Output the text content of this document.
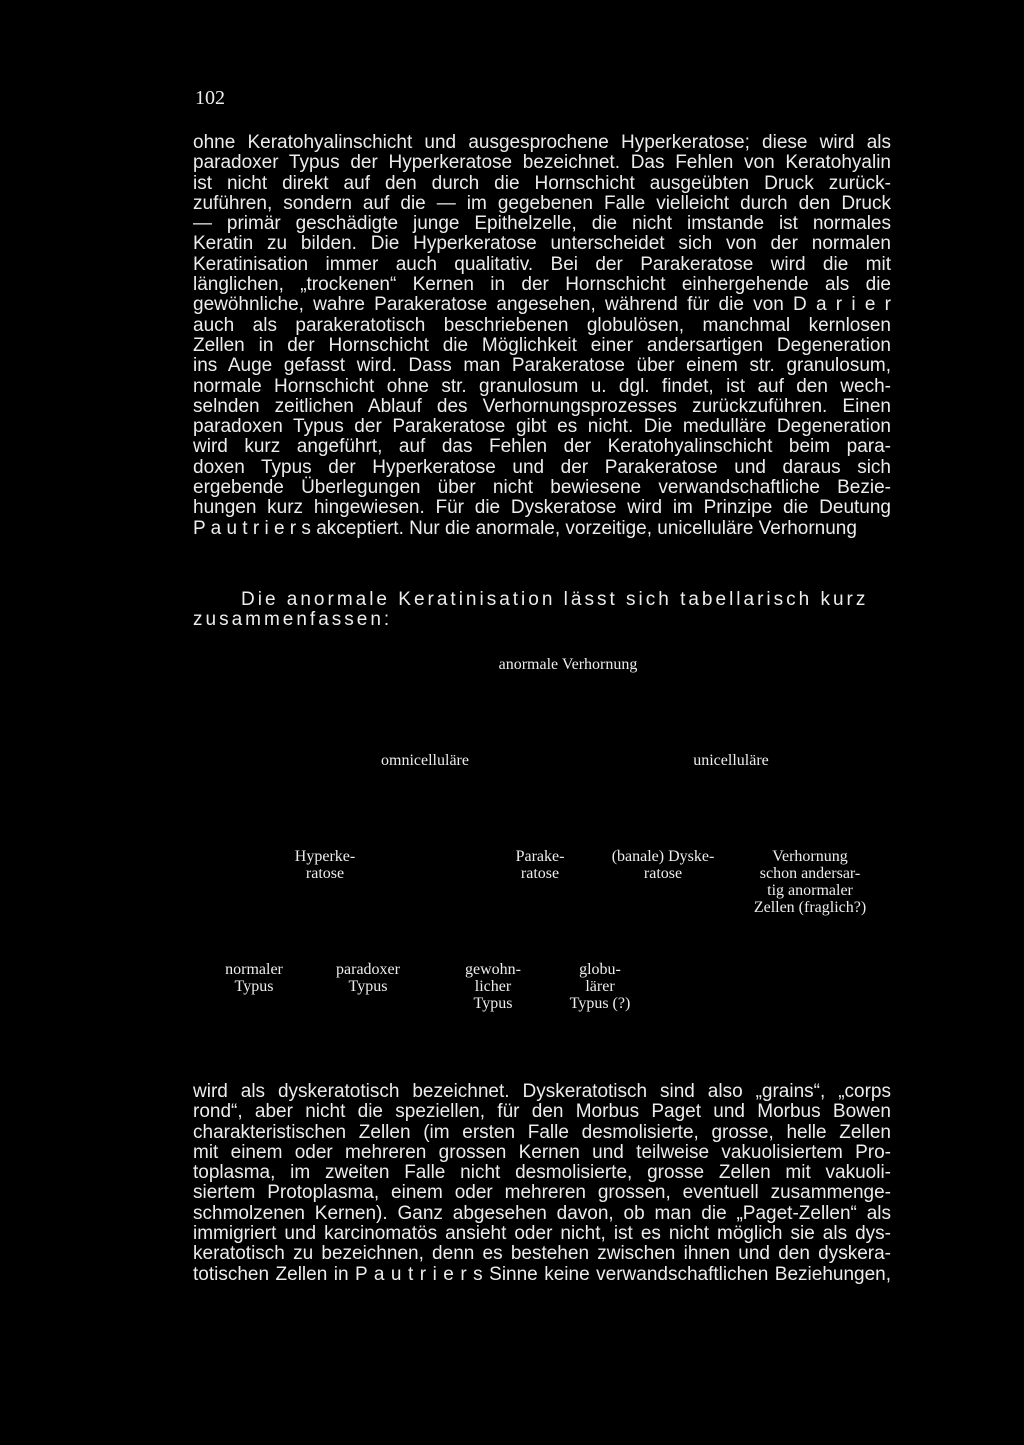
102
ohne Keratohyalinschicht und ausgesprochene Hyperkeratose; diese wird als
paradoxer Typus der Hyperkeratose bezeichnet. Das Fehlen von Keratohyalin
ist nicht direkt auf den durch die Hornschicht ausgeübten Druck zurück-
zuführen, sondern auf die — im gegebenen Falle vielleicht durch den Druck
— primär geschädigte junge Epithelzelle, die nicht imstande ist normales
Keratin zu bilden. Die Hyperkeratose unterscheidet sich von der normalen
Keratinisation immer auch qualitativ. Bei der Parakeratose wird die mit
länglichen, „trockenen“ Kernen in der Hornschicht einhergehende als die
gewöhnliche, wahre Parakeratose angesehen, während für die von D a r i e r
auch als parakeratotisch beschriebenen globulösen, manchmal kernlosen
Zellen in der Hornschicht die Möglichkeit einer andersartigen Degeneration
ins Auge gefasst wird. Dass man Parakeratose über einem str. granulosum,
normale Hornschicht ohne str. granulosum u. dgl. findet, ist auf den wech-
selnden zeitlichen Ablauf des Verhornungsprozesses zurückzuführen. Einen
paradoxen Typus der Parakeratose gibt es nicht. Die medulläre Degeneration
wird kurz angeführt, auf das Fehlen der Keratohyalinschicht beim para-
doxen Typus der Hyperkeratose und der Parakeratose und daraus sich
ergebende Überlegungen über nicht bewiesene verwandschaftliche Bezie-
hungen kurz hingewiesen. Für die Dyskeratose wird im Prinzipe die Deutung
P a u t r i e r s akceptiert. Nur die anormale, vorzeitige, unicelluläre Verhornung
Die anormale Keratinisation lässt sich tabellarisch kurz
zusammenfassen:
anormale Verhornung
omnicelluläre	unicelluläre
Hyperke-
ratose
Parake-
ratose
(banale) Dyske-
ratose
Verhornung
schon andersar-
tig anormaler
Zellen (fraglich?)
normaler
Typus
paradoxer
Typus
gewohn-
licher
Typus
globu-
lärer
Typus (?)
wird als dyskeratotisch bezeichnet. Dyskeratotisch sind also „grains“, „corps
rond“, aber nicht die speziellen, für den Morbus Paget und Morbus Bowen
charakteristischen Zellen (im ersten Falle desmolisierte, grosse, helle Zellen
mit einem oder mehreren grossen Kernen und teilweise vakuolisiertem Pro-
toplasma, im zweiten Falle nicht desmolisierte, grosse Zellen mit vakuoli-
siertem Protoplasma, einem oder mehreren grossen, eventuell zusammenge-
schmolzenen Kernen). Ganz abgesehen davon, ob man die „Paget-Zellen“ als
immigriert und karcinomatös ansieht oder nicht, ist es nicht möglich sie als dys-
keratotisch zu bezeichnen, denn es bestehen zwischen ihnen und den dyskera-
totischen Zellen in P a u t r i e r s Sinne keine verwandschaftlichen Beziehungen,
